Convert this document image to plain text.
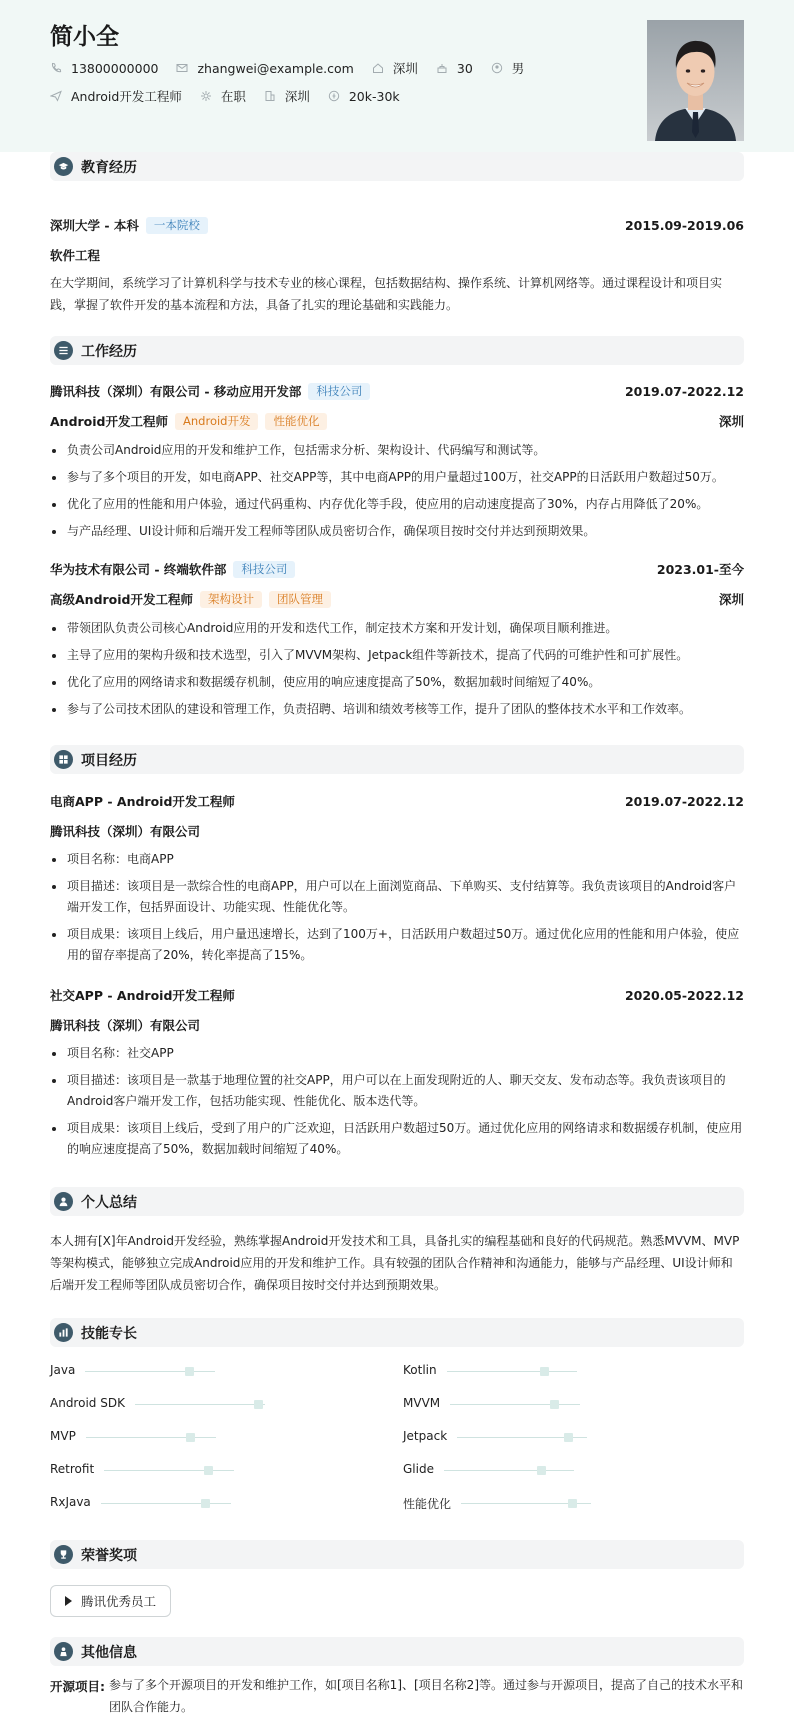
简小全
13800000000	zhangwei@example.com	深圳	30	男
Android开发工程师	在职	深圳	20k-30k
教育经历
深圳大学 - 本科	一本院校	2015.09-2019.06
软件工程
在大学期间，系统学习了计算机科学与技术专业的核心课程，包括数据结构、操作系统、计算机网络等。通过课程设计和项目实践，掌握了软件开发的基本流程和方法，具备了扎实的理论基础和实践能力。
工作经历
腾讯科技（深圳）有限公司 - 移动应用开发部	科技公司	2019.07-2022.12
Android开发工程师	Android开发	性能优化	深圳
负责公司Android应用的开发和维护工作，包括需求分析、架构设计、代码编写和测试等。
参与了多个项目的开发，如电商APP、社交APP等，其中电商APP的用户量超过100万，社交APP的日活跃用户数超过50万。
优化了应用的性能和用户体验，通过代码重构、内存优化等手段，使应用的启动速度提高了30%，内存占用降低了20%。
与产品经理、UI设计师和后端开发工程师等团队成员密切合作，确保项目按时交付并达到预期效果。
华为技术有限公司 - 终端软件部	科技公司	2023.01-至今
高级Android开发工程师	架构设计	团队管理	深圳
带领团队负责公司核心Android应用的开发和迭代工作，制定技术方案和开发计划，确保项目顺利推进。
主导了应用的架构升级和技术选型，引入了MVVM架构、Jetpack组件等新技术，提高了代码的可维护性和可扩展性。
优化了应用的网络请求和数据缓存机制，使应用的响应速度提高了50%，数据加载时间缩短了40%。
参与了公司技术团队的建设和管理工作，负责招聘、培训和绩效考核等工作，提升了团队的整体技术水平和工作效率。
项目经历
电商APP - Android开发工程师	2019.07-2022.12
腾讯科技（深圳）有限公司
项目名称：电商APP
项目描述：该项目是一款综合性的电商APP，用户可以在上面浏览商品、下单购买、支付结算等。我负责该项目的Android客户端开发工作，包括界面设计、功能实现、性能优化等。
项目成果：该项目上线后，用户量迅速增长，达到了100万+，日活跃用户数超过50万。通过优化应用的性能和用户体验，使应用的留存率提高了20%，转化率提高了15%。
社交APP - Android开发工程师	2020.05-2022.12
腾讯科技（深圳）有限公司
项目名称：社交APP
项目描述：该项目是一款基于地理位置的社交APP，用户可以在上面发现附近的人、聊天交友、发布动态等。我负责该项目的Android客户端开发工作，包括功能实现、性能优化、版本迭代等。
项目成果：该项目上线后，受到了用户的广泛欢迎，日活跃用户数超过50万。通过优化应用的网络请求和数据缓存机制，使应用的响应速度提高了50%，数据加载时间缩短了40%。
个人总结
本人拥有[X]年Android开发经验，熟练掌握Android开发技术和工具，具备扎实的编程基础和良好的代码规范。熟悉MVVM、MVP等架构模式，能够独立完成Android应用的开发和维护工作。具有较强的团队合作精神和沟通能力，能够与产品经理、UI设计师和后端开发工程师等团队成员密切合作，确保项目按时交付并达到预期效果。
技能专长
Java	Kotlin
Android SDK	MVVM
MVP	Jetpack
Retrofit	Glide
RxJava	性能优化
荣誉奖项
腾讯优秀员工
其他信息
开源项目: 参与了多个开源项目的开发和维护工作，如[项目名称1]、[项目名称2]等。通过参与开源项目，提高了自己的技术水平和团队合作能力。
